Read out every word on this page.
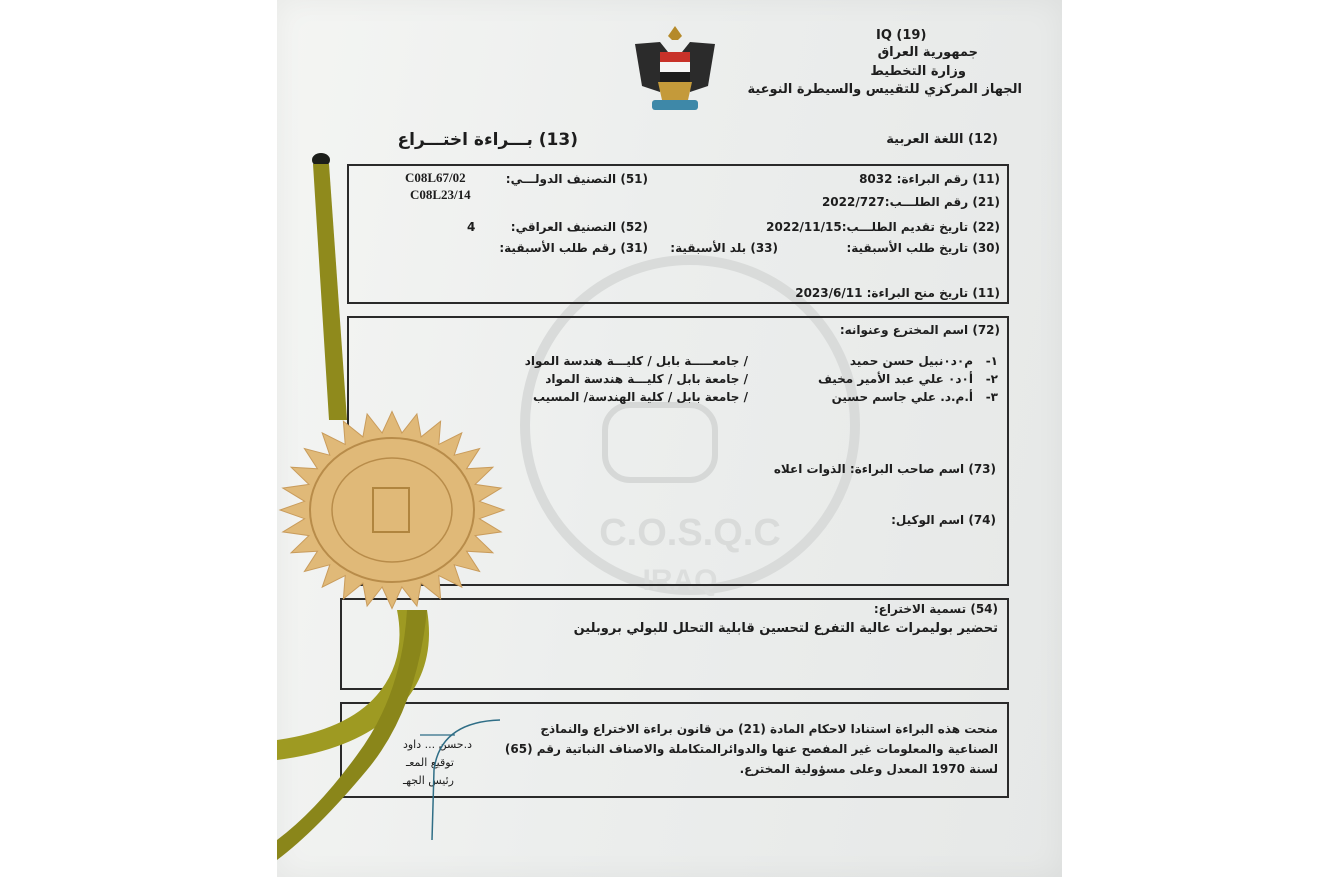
C.O.S.Q.C
IRAQ
IQ (19)
جمهورية العراق
وزارة التخطيط
الجهاز المركزي للتقييس والسيطرة النوعية
(12) اللغة العربية
(13) بـــراءة اختـــراع
(11) رقم البراءة: 8032
(21) رقم الطلـــب:2022/727
(22) تاريخ تقديم الطلـــب:2022/11/15
(30) تاريخ طلب الأسبقية:
(33) بلد الأسبقية:
(31) رقم طلب الأسبقية:
(51) التصنيف الدولـــي:
C08L67/02
C08L23/14
(52) التصنيف العراقي:
4
(11) تاريخ منح البراءة: 2023/6/11
(72) اسم المخترع وعنوانه:
١-
م٠د٠نبيل حسن حميد
/ جامعـــــة بابل / كليـــة هندسة المواد
٢-
أ٠د٠ علي عبد الأمير مخيف
/ جامعة بابل / كليـــة هندسة المواد
٣-
أ.م.د. علي جاسم حسين
/ جامعة بابل / كلية الهندسة/ المسيب
(73) اسم صاحب البراءة: الذوات اعلاه
(74) اسم الوكيل:
(54) تسمية الاختراع:
تحضير بوليمرات عالية التفرع لتحسين قابلية التحلل للبولي بروبلين
منحت هذه البراءة استنادا لاحكام المادة (21) من قانون براءة الاختراع والنماذج
الصناعية والمعلومات غير المفصح عنها والدوائرالمتكاملة والاصناف النباتية رقم (65)
لسنة 1970 المعدل وعلى مسؤولية المخترع.
د.حسن ... داود
توقيع المعـ
رئيس الجهـ
